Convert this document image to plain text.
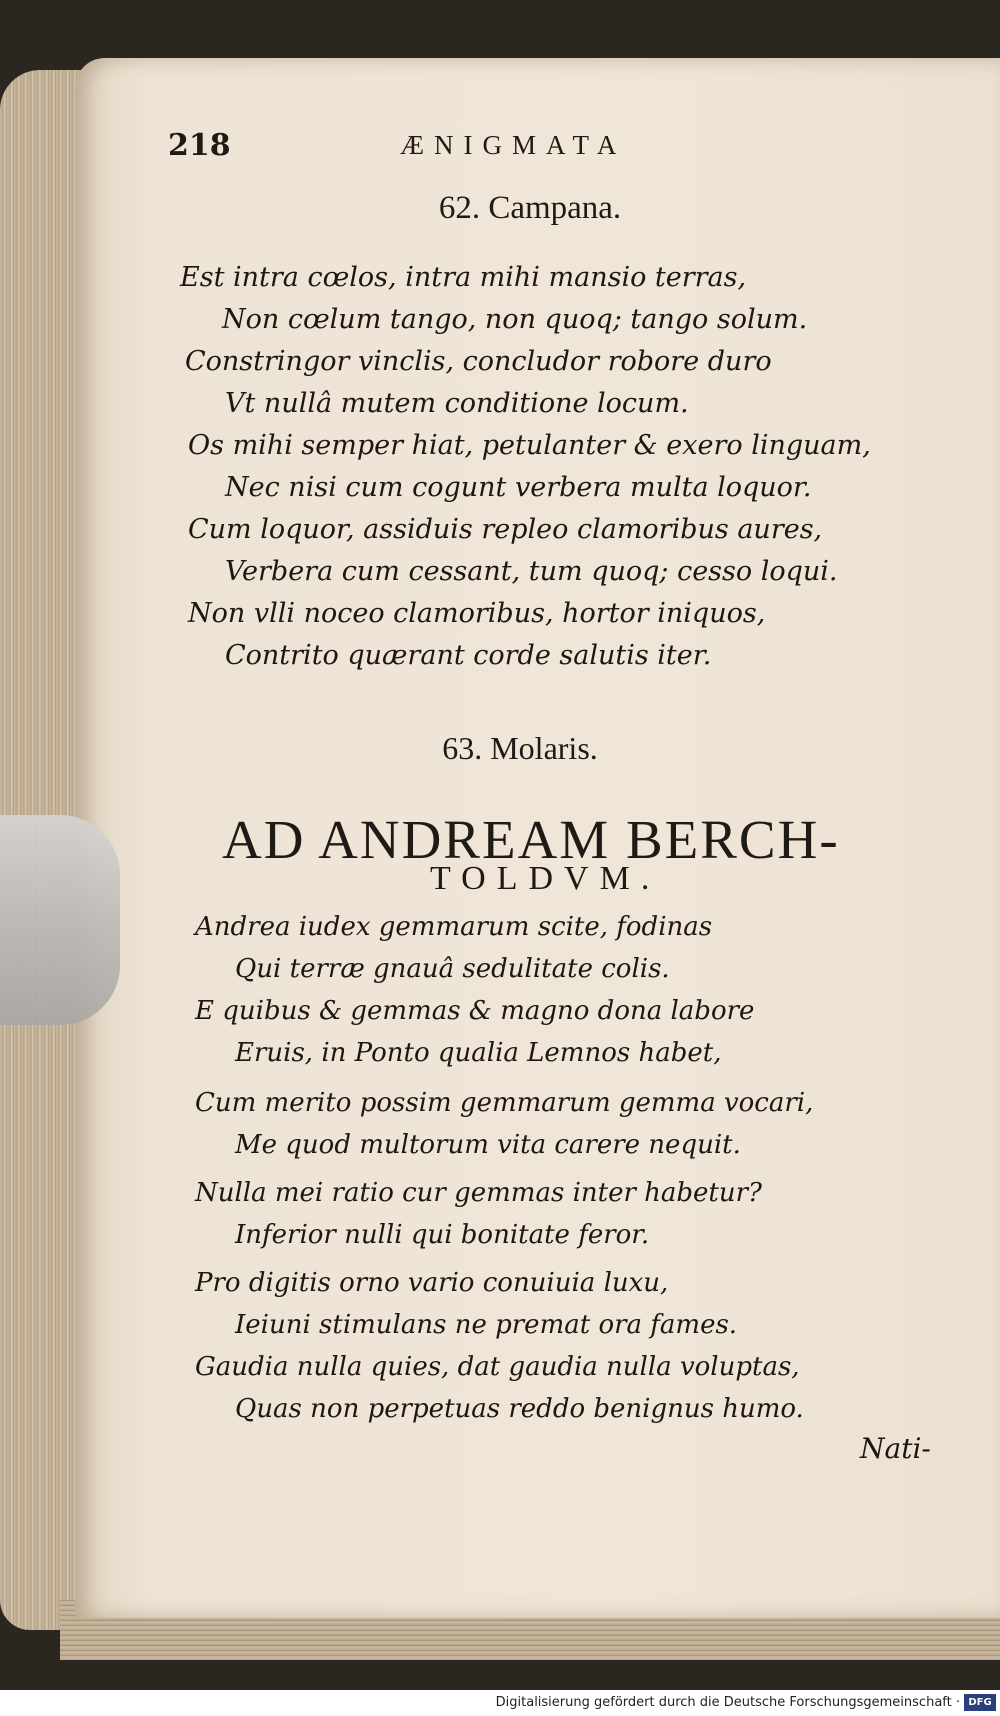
218	ÆNIGMATA
62. Campana.
Est intra cœlos, intra mihi mansio terras,
Non cœlum tango, non quoq; tango solum.
Constringor vinclis, concludor robore duro
Vt nullâ mutem conditione locum.
Os mihi semper hiat, petulanter & exero linguam,
Nec nisi cum cogunt verbera multa loquor.
Cum loquor, assiduis repleo clamoribus aures,
Verbera cum cessant, tum quoq; cesso loqui.
Non vlli noceo clamoribus, hortor iniquos,
Contrito quærant corde salutis iter.
63. Molaris.
AD ANDREAM BERCH-
TOLDVM.
Andrea iudex gemmarum scite, fodinas
Qui terræ gnauâ sedulitate colis.
E quibus & gemmas & magno dona labore
Eruis, in Ponto qualia Lemnos habet,
Cum merito possim gemmarum gemma vocari,
Me quod multorum vita carere nequit.
Nulla mei ratio cur gemmas inter habetur?
Inferior nulli qui bonitate feror.
Pro digitis orno vario conuiuia luxu,
Ieiuni stimulans ne premat ora fames.
Gaudia nulla quies, dat gaudia nulla voluptas,
Quas non perpetuas reddo benignus humo.
Nati-
Digitalisierung gefördert durch die Deutsche Forschungsgemeinschaft · DFG
